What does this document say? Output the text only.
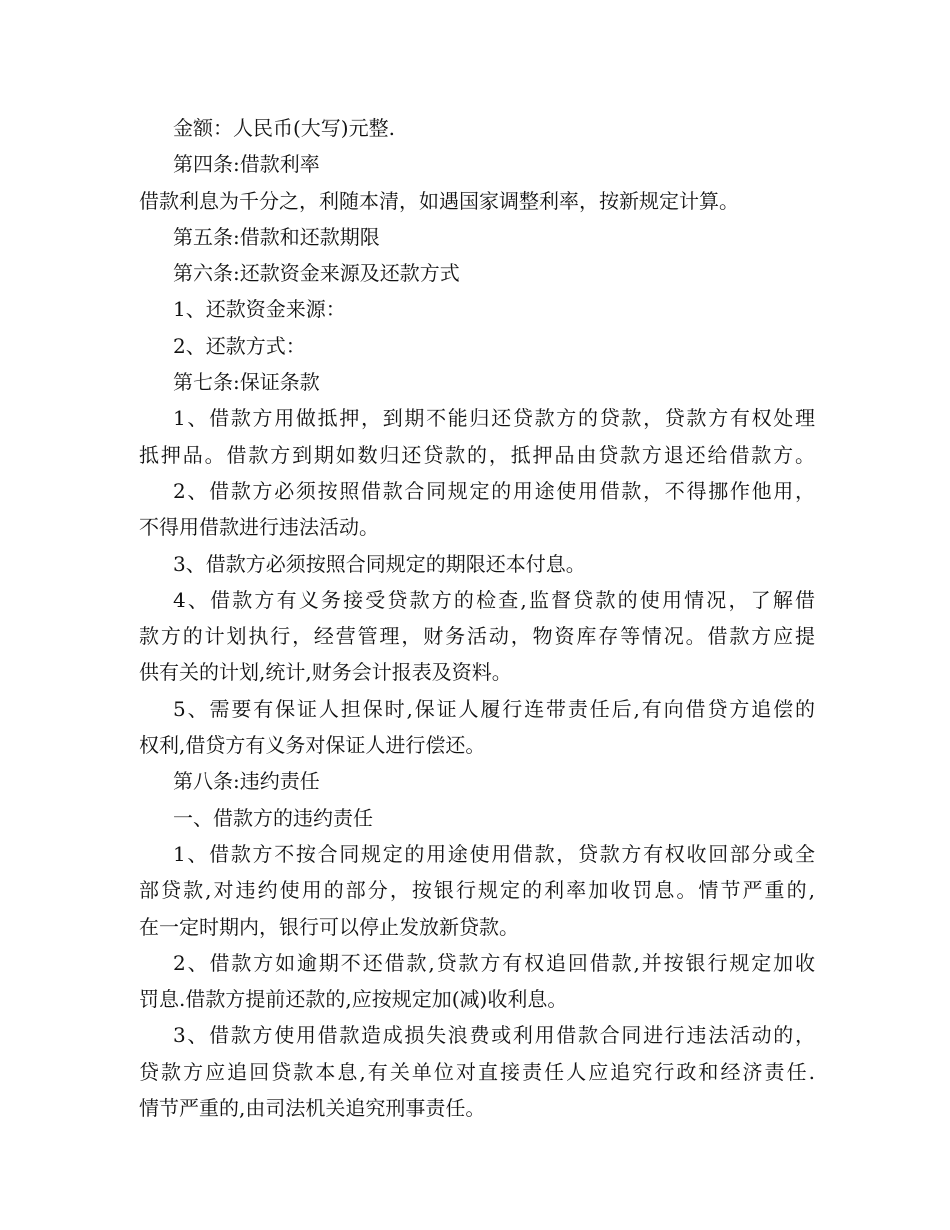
金额：人民币(大写)元整.
第四条:借款利率
借款利息为千分之，利随本清，如遇国家调整利率，按新规定计算。
第五条:借款和还款期限
第六条:还款资金来源及还款方式
1、还款资金来源：
2、还款方式：
第七条:保证条款
1、借款方用做抵押，到期不能归还贷款方的贷款，贷款方有权处理
抵押品。借款方到期如数归还贷款的，抵押品由贷款方退还给借款方。
2、借款方必须按照借款合同规定的用途使用借款，不得挪作他用，
不得用借款进行违法活动。
3、借款方必须按照合同规定的期限还本付息。
4、借款方有义务接受贷款方的检查,监督贷款的使用情况，了解借
款方的计划执行，经营管理，财务活动，物资库存等情况。借款方应提
供有关的计划,统计,财务会计报表及资料。
5、需要有保证人担保时,保证人履行连带责任后,有向借贷方追偿的
权利,借贷方有义务对保证人进行偿还。
第八条:违约责任
一、借款方的违约责任
1、借款方不按合同规定的用途使用借款，贷款方有权收回部分或全
部贷款,对违约使用的部分，按银行规定的利率加收罚息。情节严重的,
在一定时期内，银行可以停止发放新贷款。
2、借款方如逾期不还借款,贷款方有权追回借款,并按银行规定加收
罚息.借款方提前还款的,应按规定加(减)收利息。
3、借款方使用借款造成损失浪费或利用借款合同进行违法活动的，
贷款方应追回贷款本息,有关单位对直接责任人应追究行政和经济责任.
情节严重的,由司法机关追究刑事责任。
